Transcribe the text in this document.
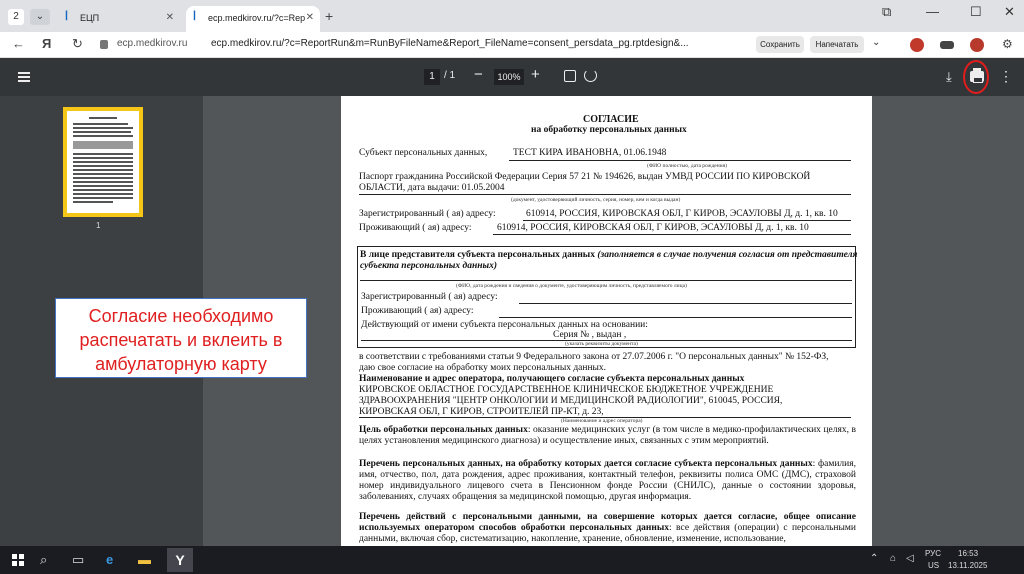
2	⌄	ꟾ	ЕЦП	✕ ꟾ	ecp.medkirov.ru/?c=Rep ✕ +	⧉	— ☐ ✕
← Я ↻	ecp.medkirov.ru ecp.medkirov.ru/?c=ReportRun&m=RunByFileName&Report_FileName=consent_persdata_pg.rptdesign&...	Сохранить	Напечатать	⌄	⚙
1 / 1 −	100% +	⤓	⋮
1
СОГЛАСИЕ
на обработку персональных данных
Субъект персональных данных,	ТЕСТ КИРА ИВАНОВНА, 01.06.1948
(ФИО полностью, дата рождения)
Паспорт гражданина Российской Федерации Серия 57 21 № 194626, выдан УМВД РОССИИ ПО КИРОВСКОЙ
ОБЛАСТИ, дата выдачи: 01.05.2004
(документ, удостоверяющий личность, серия, номер, кем и когда выдан)
Зарегистрированный ( ая) адресу:	610914, РОССИЯ, КИРОВСКАЯ ОБЛ, Г КИРОВ, ЭСАУЛОВЫ Д, д. 1, кв. 10
Проживающий ( ая) адресу:	610914, РОССИЯ, КИРОВСКАЯ ОБЛ, Г КИРОВ, ЭСАУЛОВЫ Д, д. 1, кв. 10
В лице представителя субъекта персональных данных (заполняется в случае получения согласия от представителя
субъекта персональных данных)
(ФИО, дата рождения и сведения о документе, удостоверяющим личность, представляемого лица)
Зарегистрированный ( ая) адресу:
Проживающий ( ая) адресу:
Действующий от имени субъекта персональных данных на основании:
Серия № , выдан ,
(указать реквизиты документа)
в соответствии с требованиями статьи 9 Федерального закона от 27.07.2006 г. "О персональных данных" № 152-ФЗ,
даю свое согласие на обработку моих персональных данных.
Наименование и адрес оператора, получающего согласие субъекта персональных данных
КИРОВСКОЕ ОБЛАСТНОЕ ГОСУДАРСТВЕННОЕ КЛИНИЧЕСКОЕ БЮДЖЕТНОЕ УЧРЕЖДЕНИЕ
ЗДРАВООХРАНЕНИЯ "ЦЕНТР ОНКОЛОГИИ И МЕДИЦИНСКОЙ РАДИОЛОГИИ", 610045, РОССИЯ,
КИРОВСКАЯ ОБЛ, Г КИРОВ, СТРОИТЕЛЕЙ ПР-КТ, д. 23,
(Наименование и адрес оператора)
Цель обработки персональных данных: оказание медицинских услуг (в том числе в медико-профилактических целях, в целях установления медицинского диагноза) и осуществление иных, связанных с этим мероприятий.
Перечень персональных данных, на обработку которых дается согласие субъекта персональных данных: фамилия, имя, отчество, пол, дата рождения, адрес проживания, контактный телефон, реквизиты полиса ОМС (ДМС), страховой номер индивидуального лицевого счета в Пенсионном фонде России (СНИЛС), данные о состоянии здоровья, заболеваниях, случаях обращения за медицинской помощью, другая информация.
Перечень действий с персональными данными, на совершение которых дается согласие, общее описание используемых оператором способов обработки персональных данных: все действия (операции) с персональными данными, включая сбор, систематизацию, накопление, хранение, обновление, изменение, использование,
Согласие необходимо распечатать и вклеить в амбулаторную карту
⌕ ▭ e ▬	Y	⌃ ⌂ ◁ РУС
US
16:53
13.11.2025
